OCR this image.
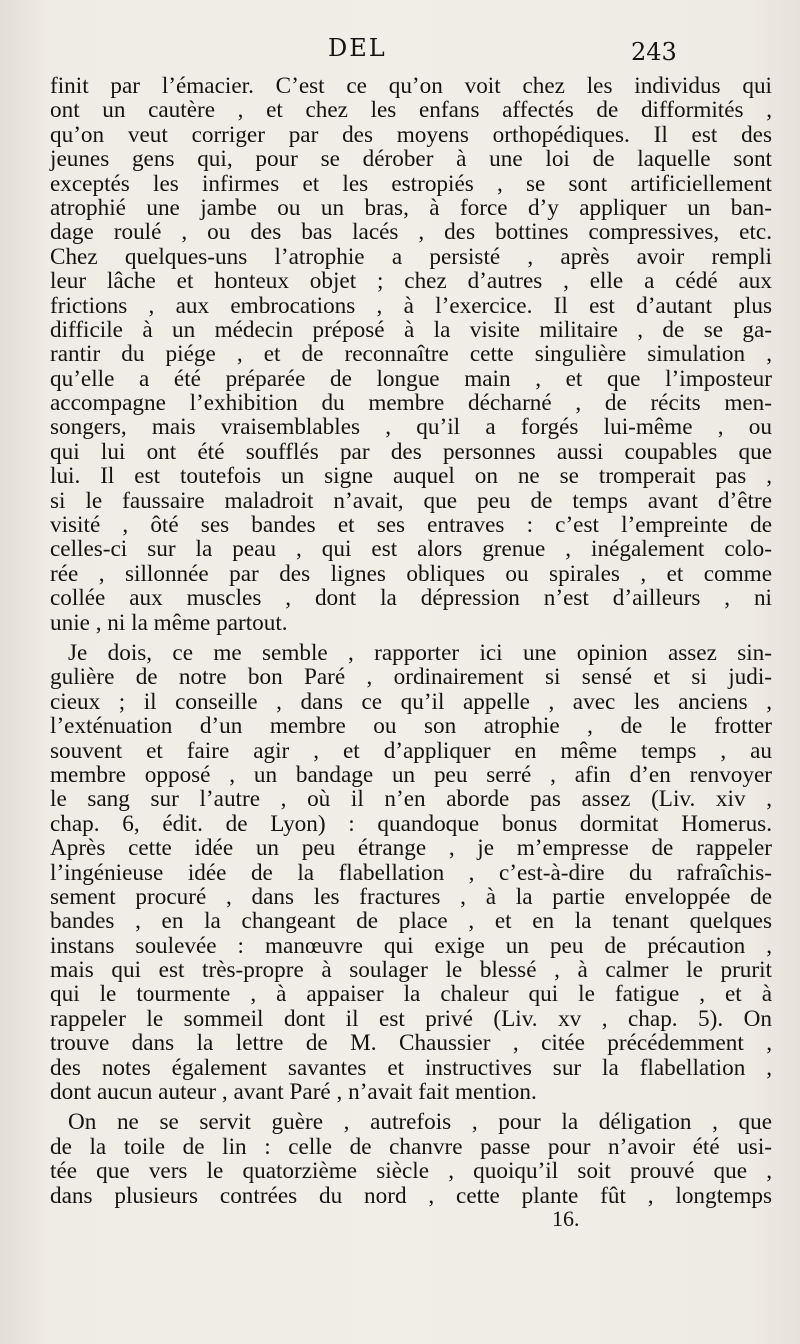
DEL	243
finit par l’émacier. C’est ce qu’on voit chez les individus qui
ont un cautère , et chez les enfans affectés de difformités ,
qu’on veut corriger par des moyens orthopédiques. Il est des
jeunes gens qui, pour se dérober à une loi de laquelle sont
exceptés les infirmes et les estropiés , se sont artificiellement
atrophié une jambe ou un bras, à force d’y appliquer un ban-
dage roulé , ou des bas lacés , des bottines compressives, etc.
Chez quelques-uns l’atrophie a persisté , après avoir rempli
leur lâche et honteux objet ; chez d’autres , elle a cédé aux
frictions , aux embrocations , à l’exercice. Il est d’autant plus
difficile à un médecin préposé à la visite militaire , de se ga-
rantir du piége , et de reconnaître cette singulière simulation ,
qu’elle a été préparée de longue main , et que l’imposteur
accompagne l’exhibition du membre décharné , de récits men-
songers, mais vraisemblables , qu’il a forgés lui-même , ou
qui lui ont été soufflés par des personnes aussi coupables que
lui. Il est toutefois un signe auquel on ne se tromperait pas ,
si le faussaire maladroit n’avait, que peu de temps avant d’être
visité , ôté ses bandes et ses entraves : c’est l’empreinte de
celles-ci sur la peau , qui est alors grenue , inégalement colo-
rée , sillonnée par des lignes obliques ou spirales , et comme
collée aux muscles , dont la dépression n’est d’ailleurs , ni
unie , ni la même partout.
Je dois, ce me semble , rapporter ici une opinion assez sin-
gulière de notre bon Paré , ordinairement si sensé et si judi-
cieux ; il conseille , dans ce qu’il appelle , avec les anciens ,
l’exténuation d’un membre ou son atrophie , de le frotter
souvent et faire agir , et d’appliquer en même temps , au
membre opposé , un bandage un peu serré , afin d’en renvoyer
le sang sur l’autre , où il n’en aborde pas assez (Liv. xiv ,
chap. 6, édit. de Lyon) : quandoque bonus dormitat Homerus.
Après cette idée un peu étrange , je m’empresse de rappeler
l’ingénieuse idée de la flabellation , c’est-à-dire du rafraîchis-
sement procuré , dans les fractures , à la partie enveloppée de
bandes , en la changeant de place , et en la tenant quelques
instans soulevée : manœuvre qui exige un peu de précaution ,
mais qui est très-propre à soulager le blessé , à calmer le prurit
qui le tourmente , à appaiser la chaleur qui le fatigue , et à
rappeler le sommeil dont il est privé (Liv. xv , chap. 5). On
trouve dans la lettre de M. Chaussier , citée précédemment ,
des notes également savantes et instructives sur la flabellation ,
dont aucun auteur , avant Paré , n’avait fait mention.
On ne se servit guère , autrefois , pour la déligation , que
de la toile de lin : celle de chanvre passe pour n’avoir été usi-
tée que vers le quatorzième siècle , quoiqu’il soit prouvé que ,
dans plusieurs contrées du nord , cette plante fût , longtemps
16.
